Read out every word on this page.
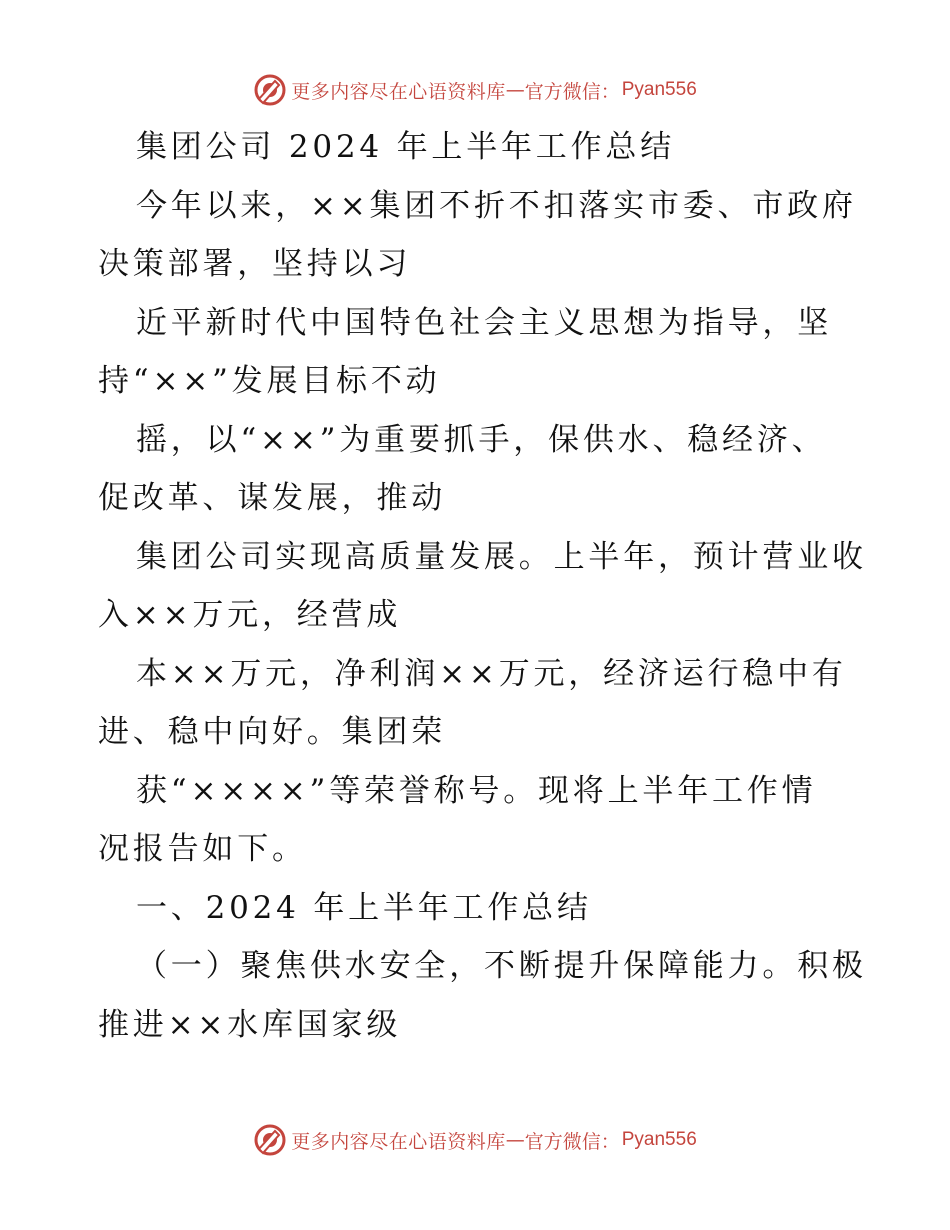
更多内容尽在心语资料库 — 官方微信： Pyan556
集团公司 2024 年上半年工作总结
今年以来，××集团不折不扣落实市委、市政府
决策部署，坚持以习
近平新时代中国特色社会主义思想为指导，坚
持“××”发展目标不动
摇，以“××”为重要抓手，保供水、稳经济、
促改革、谋发展，推动
集团公司实现高质量发展。上半年，预计营业收
入××万元，经营成
本××万元，净利润××万元，经济运行稳中有
进、稳中向好。集团荣
获“××××”等荣誉称号。现将上半年工作情
况报告如下。
一、2024 年上半年工作总结
（一）聚焦供水安全，不断提升保障能力。积极
推进××水库国家级
更多内容尽在心语资料库 — 官方微信： Pyan556
